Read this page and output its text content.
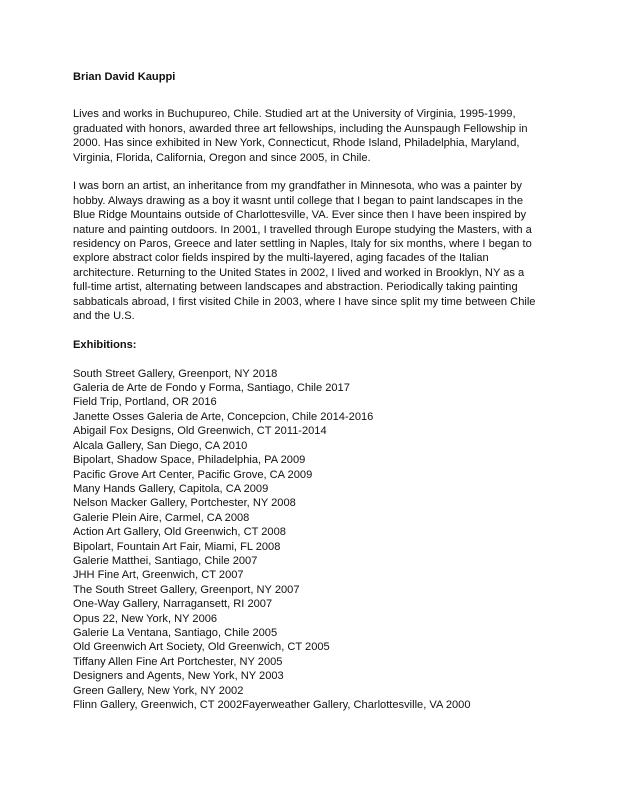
Brian David Kauppi

Lives and works in Buchupureo, Chile. Studied art at the University of Virginia, 1995-1999, graduated with honors, awarded three art fellowships, including the Aunspaugh Fellowship in 2000. Has since exhibited in New York, Connecticut, Rhode Island, Philadelphia, Maryland, Virginia, Florida, California, Oregon and since 2005, in Chile.

I was born an artist, an inheritance from my grandfather in Minnesota, who was a painter by hobby. Always drawing as a boy it wasnt until college that I began to paint landscapes in the Blue Ridge Mountains outside of Charlottesville, VA. Ever since then I have been inspired by nature and painting outdoors. In 2001, I travelled through Europe studying the Masters, with a residency on Paros, Greece and later settling in Naples, Italy for six months, where I began to explore abstract color fields inspired by the multi-layered, aging facades of the Italian architecture. Returning to the United States in 2002, I lived and worked in Brooklyn, NY as a full-time artist, alternating between landscapes and abstraction. Periodically taking painting sabbaticals abroad, I first visited Chile in 2003, where I have since split my time between Chile and the U.S.

Exhibitions:
South Street Gallery, Greenport, NY 2018
Galeria de Arte de Fondo y Forma, Santiago, Chile 2017
Field Trip, Portland, OR 2016
Janette Osses Galeria de Arte, Concepcion, Chile 2014-2016
Abigail Fox Designs, Old Greenwich, CT 2011-2014
Alcala Gallery, San Diego, CA 2010
Bipolart, Shadow Space, Philadelphia, PA 2009
Pacific Grove Art Center, Pacific Grove, CA 2009
Many Hands Gallery, Capitola, CA 2009
Nelson Macker Gallery, Portchester, NY 2008
Galerie Plein Aire, Carmel, CA 2008
Action Art Gallery, Old Greenwich, CT 2008
Bipolart, Fountain Art Fair, Miami, FL 2008
Galerie Matthei, Santiago, Chile 2007
JHH Fine Art, Greenwich, CT 2007
The South Street Gallery, Greenport, NY 2007
One-Way Gallery, Narragansett, RI 2007
Opus 22, New York, NY 2006
Galerie La Ventana, Santiago, Chile 2005
Old Greenwich Art Society, Old Greenwich, CT 2005
Tiffany Allen Fine Art Portchester, NY 2005
Designers and Agents, New York, NY 2003
Green Gallery, New York, NY 2002
Flinn Gallery, Greenwich, CT 2002Fayerweather Gallery, Charlottesville, VA 2000
